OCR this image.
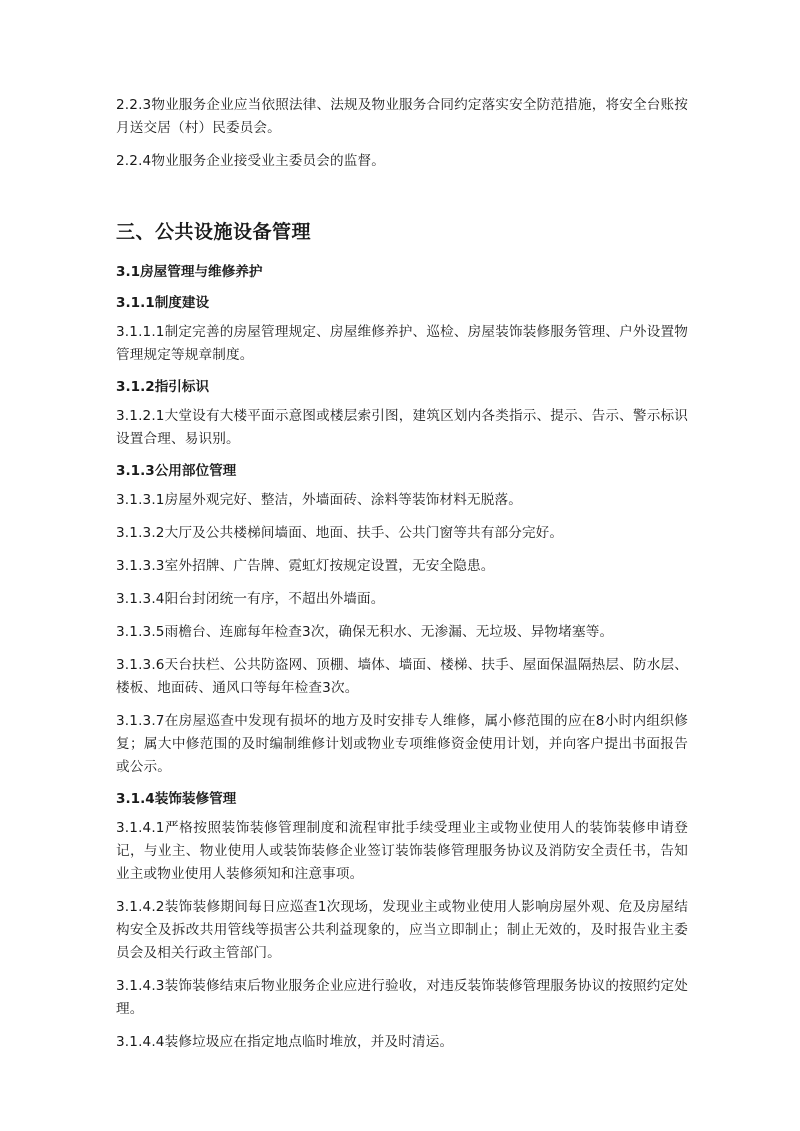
2.2.3物业服务企业应当依照法律、法规及物业服务合同约定落实安全防范措施，将安全台账按月送交居（村）民委员会。

2.2.4物业服务企业接受业主委员会的监督。

三、公共设施设备管理
3.1房屋管理与维修养护
3.1.1制度建设

3.1.1.1制定完善的房屋管理规定、房屋维修养护、巡检、房屋装饰装修服务管理、户外设置物管理规定等规章制度。

3.1.2指引标识

3.1.2.1大堂设有大楼平面示意图或楼层索引图，建筑区划内各类指示、提示、告示、警示标识设置合理、易识别。

3.1.3公用部位管理

3.1.3.1房屋外观完好、整洁，外墙面砖、涂料等装饰材料无脱落。

3.1.3.2大厅及公共楼梯间墙面、地面、扶手、公共门窗等共有部分完好。

3.1.3.3室外招牌、广告牌、霓虹灯按规定设置，无安全隐患。

3.1.3.4阳台封闭统一有序，不超出外墙面。

3.1.3.5雨檐台、连廊每年检查3次，确保无积水、无渗漏、无垃圾、异物堵塞等。

3.1.3.6天台扶栏、公共防盗网、顶棚、墙体、墙面、楼梯、扶手、屋面保温隔热层、防水层、楼板、地面砖、通风口等每年检查3次。

3.1.3.7在房屋巡查中发现有损坏的地方及时安排专人维修，属小修范围的应在8小时内组织修复；属大中修范围的及时编制维修计划或物业专项维修资金使用计划，并向客户提出书面报告或公示。

3.1.4装饰装修管理

3.1.4.1严格按照装饰装修管理制度和流程审批手续受理业主或物业使用人的装饰装修申请登记，与业主、物业使用人或装饰装修企业签订装饰装修管理服务协议及消防安全责任书，告知业主或物业使用人装修须知和注意事项。

3.1.4.2装饰装修期间每日应巡查1次现场，发现业主或物业使用人影响房屋外观、危及房屋结构安全及拆改共用管线等损害公共利益现象的，应当立即制止；制止无效的，及时报告业主委员会及相关行政主管部门。

3.1.4.3装饰装修结束后物业服务企业应进行验收，对违反装饰装修管理服务协议的按照约定处理。

3.1.4.4装修垃圾应在指定地点临时堆放，并及时清运。
